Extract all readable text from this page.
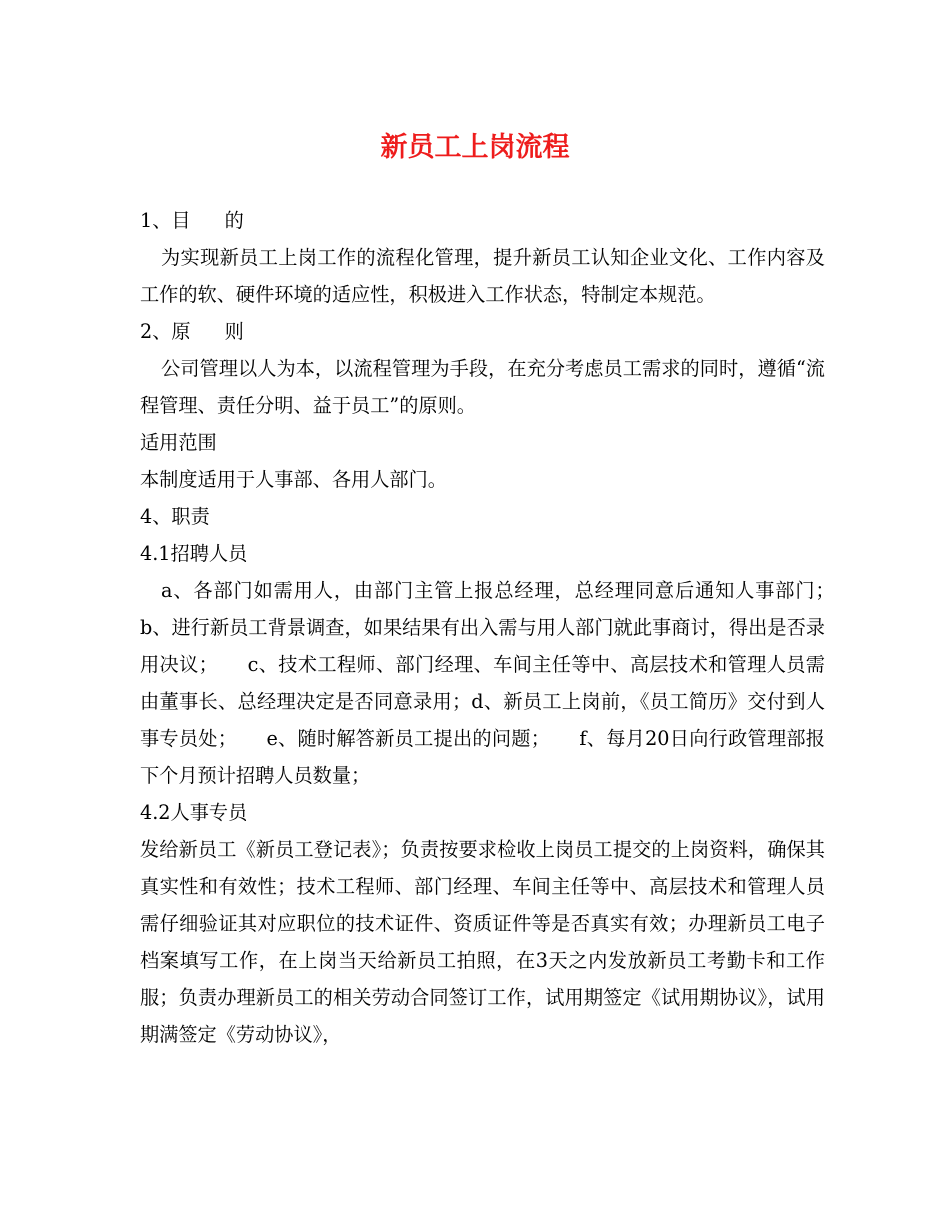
新员工上岗流程

1、目 的

为实现新员工上岗工作的流程化管理，提升新员工认知企业文化、工作内容及工作的软、硬件环境的适应性，积极进入工作状态，特制定本规范。

2、原 则

公司管理以人为本，以流程管理为手段，在充分考虑员工需求的同时，遵循“流程管理、责任分明、益于员工”的原则。

适用范围

本制度适用于人事部、各用人部门。

4、职责

4.1招聘人员

a、各部门如需用人，由部门主管上报总经理，总经理同意后通知人事部门；　　b、进行新员工背景调查，如果结果有出入需与用人部门就此事商讨，得出是否录用决议；　　c、技术工程师、部门经理、车间主任等中、高层技术和管理人员需由董事长、总经理决定是否同意录用；d、新员工上岗前，《员工简历》交付到人事专员处；　　e、随时解答新员工提出的问题；　　f、每月20日向行政管理部报下个月预计招聘人员数量；

4.2人事专员

发给新员工《新员工登记表》；负责按要求检收上岗员工提交的上岗资料，确保其真实性和有效性；技术工程师、部门经理、车间主任等中、高层技术和管理人员需仔细验证其对应职位的技术证件、资质证件等是否真实有效；办理新员工电子档案填写工作，在上岗当天给新员工拍照，在3天之内发放新员工考勤卡和工作服；负责办理新员工的相关劳动合同签订工作，试用期签定《试用期协议》，试用期满签定《劳动协议》，
